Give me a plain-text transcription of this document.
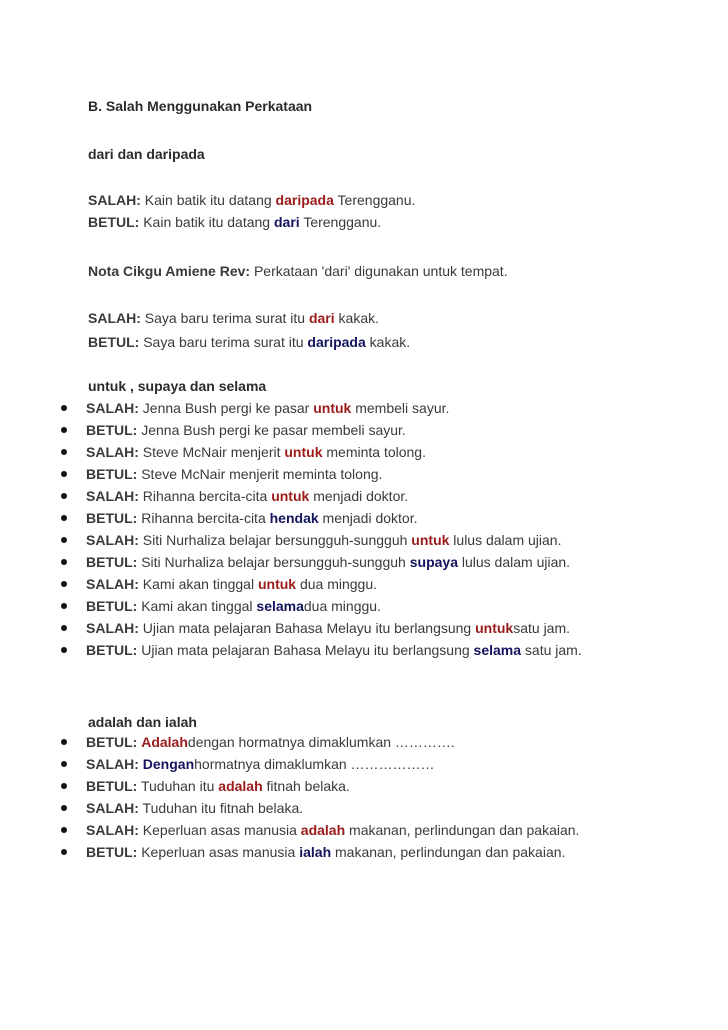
B. Salah Menggunakan Perkataan

dari dan daripada

SALAH: Kain batik itu datang daripada Terengganu.

BETUL: Kain batik itu datang dari Terengganu.

Nota Cikgu Amiene Rev: Perkataan 'dari' digunakan untuk tempat.

SALAH: Saya baru terima surat itu dari kakak.

BETUL: Saya baru terima surat itu daripada kakak.

untuk , supaya dan selama

SALAH: Jenna Bush pergi ke pasar untuk membeli sayur.
BETUL: Jenna Bush pergi ke pasar membeli sayur.
SALAH: Steve McNair menjerit untuk meminta tolong.
BETUL: Steve McNair menjerit meminta tolong.
SALAH: Rihanna bercita-cita untuk menjadi doktor.
BETUL: Rihanna bercita-cita hendak menjadi doktor.
SALAH: Siti Nurhaliza belajar bersungguh-sungguh untuk lulus dalam ujian.
BETUL: Siti Nurhaliza belajar bersungguh-sungguh supaya lulus dalam ujian.
SALAH: Kami akan tinggal untuk dua minggu.
BETUL: Kami akan tinggal selamadua minggu.
SALAH: Ujian mata pelajaran Bahasa Melayu itu berlangsung untuksatu jam.
BETUL: Ujian mata pelajaran Bahasa Melayu itu berlangsung selama satu jam.

adalah dan ialah

BETUL: Adalahdengan hormatnya dimaklumkan ………….
SALAH: Denganhormatnya dimaklumkan ………………
BETUL: Tuduhan itu adalah fitnah belaka.
SALAH: Tuduhan itu fitnah belaka.
SALAH: Keperluan asas manusia adalah makanan, perlindungan dan pakaian.
BETUL: Keperluan asas manusia ialah makanan, perlindungan dan pakaian.
